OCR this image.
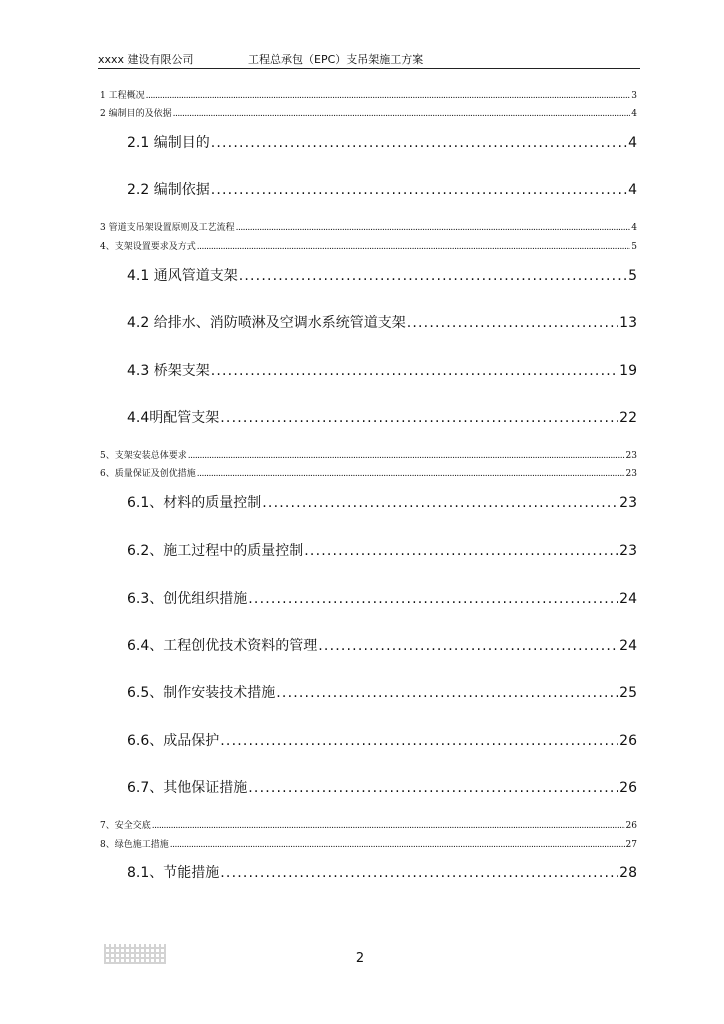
xxxx 建设有限公司	工程总承包（EPC）支吊架施工方案
1 工程概况 .....	3
2 编制目的及依据 .....	4
2.1 编制目的 .....	4
2.2 编制依据 .....	4
3 管道支吊架设置原则及工艺流程 .....	4
4、支架设置要求及方式 .....	5
4.1 通风管道支架 .....	5
4.2 给排水、消防喷淋及空调水系统管道支架 .....	13
4.3 桥架支架 .....	19
4.4明配管支架 .....	22
5、支架安装总体要求 .....	23
6、质量保证及创优措施 .....	23
6.1、材料的质量控制 .....	23
6.2、施工过程中的质量控制 .....	23
6.3、创优组织措施 .....	24
6.4、工程创优技术资料的管理 .....	24
6.5、制作安装技术措施 .....	25
6.6、成品保护 .....	26
6.7、其他保证措施 .....	26
7、安全交底 .....	26
8、绿色施工措施 .....	27
8.1、节能措施 .....	28
2
